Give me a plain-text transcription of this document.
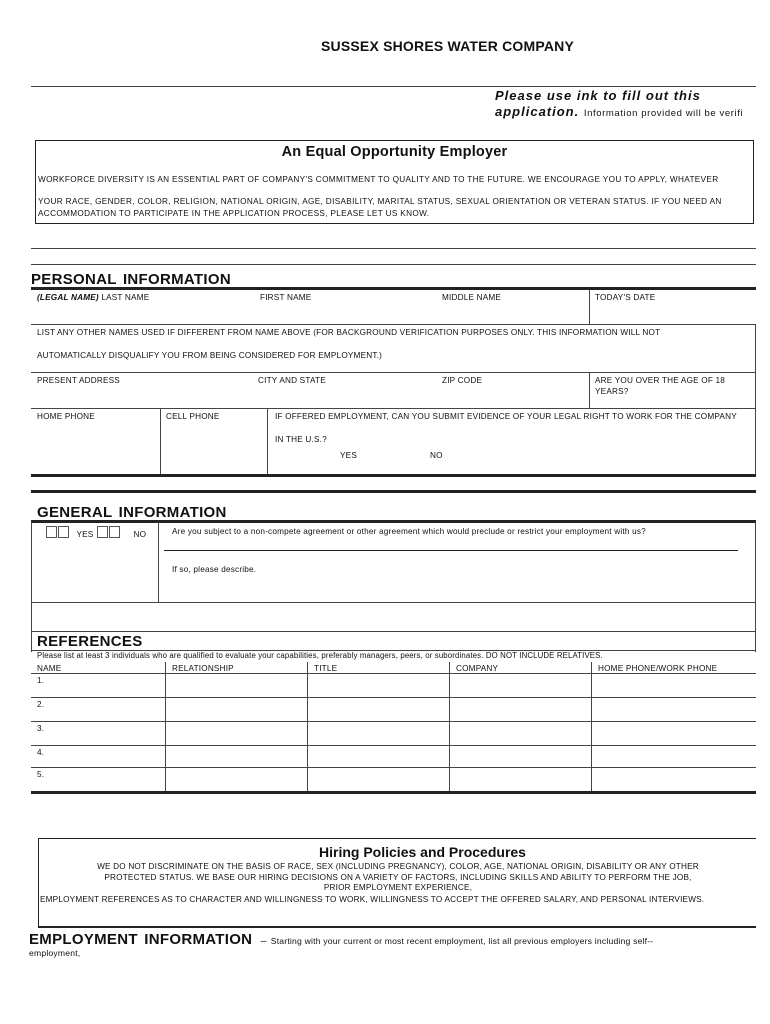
SUSSEX SHORES WATER COMPANY
Please use ink to fill out this
application. Information provided will be verifi
An Equal Opportunity Employer
WORKFORCE DIVERSITY IS AN ESSENTIAL PART OF COMPANY'S COMMITMENT TO QUALITY AND TO THE FUTURE. WE ENCOURAGE YOU TO APPLY, WHATEVER
YOUR RACE, GENDER, COLOR, RELIGION, NATIONAL ORIGIN, AGE, DISABILITY, MARITAL STATUS, SEXUAL ORIENTATION OR VETERAN STATUS. IF YOU NEED AN ACCOMMODATION TO PARTICIPATE IN THE APPLICATION PROCESS, PLEASE LET US KNOW.
PERSONAL INFORMATION
(LEGAL NAME) LAST NAME	FIRST NAME	MIDDLE NAME	TODAY'S DATE
LIST ANY OTHER NAMES USED IF DIFFERENT FROM NAME ABOVE (FOR BACKGROUND VERIFICATION PURPOSES ONLY. THIS INFORMATION WILL NOT
AUTOMATICALLY DISQUALIFY YOU FROM BEING CONSIDERED FOR EMPLOYMENT.)
PRESENT ADDRESS	CITY AND STATE	ZIP CODE	ARE YOU OVER THE AGE OF 18 YEARS?
HOME PHONE	CELL PHONE	IF OFFERED EMPLOYMENT, CAN YOU SUBMIT EVIDENCE OF YOUR LEGAL RIGHT TO WORK FOR THE COMPANY
IN THE U.S.?
YES	NO
GENERAL INFORMATION
YES	NO	Are you subject to a non-compete agreement or other agreement which would preclude or restrict your employment with us?
If so, please describe.
REFERENCES
Please list at least 3 individuals who are qualified to evaluate your capabilities, preferably managers, peers, or subordinates. DO NOT INCLUDE RELATIVES.
NAME	RELATIONSHIP	TITLE	COMPANY	HOME PHONE/WORK PHONE
1.
2.
3.
4.
5.
Hiring Policies and Procedures
WE DO NOT DISCRIMINATE ON THE BASIS OF RACE, SEX (INCLUDING PREGNANCY), COLOR, AGE, NATIONAL ORIGIN, DISABILITY OR ANY OTHER
PROTECTED STATUS. WE BASE OUR HIRING DECISIONS ON A VARIETY OF FACTORS, INCLUDING SKILLS AND ABILITY TO PERFORM THE JOB,
PRIOR EMPLOYMENT EXPERIENCE,
EMPLOYMENT REFERENCES AS TO CHARACTER AND WILLINGNESS TO WORK, WILLINGNESS TO ACCEPT THE OFFERED SALARY, AND PERSONAL INTERVIEWS.
EMPLOYMENT INFORMATION – Starting with your current or most recent employment, list all previous employers including self--
employment,
